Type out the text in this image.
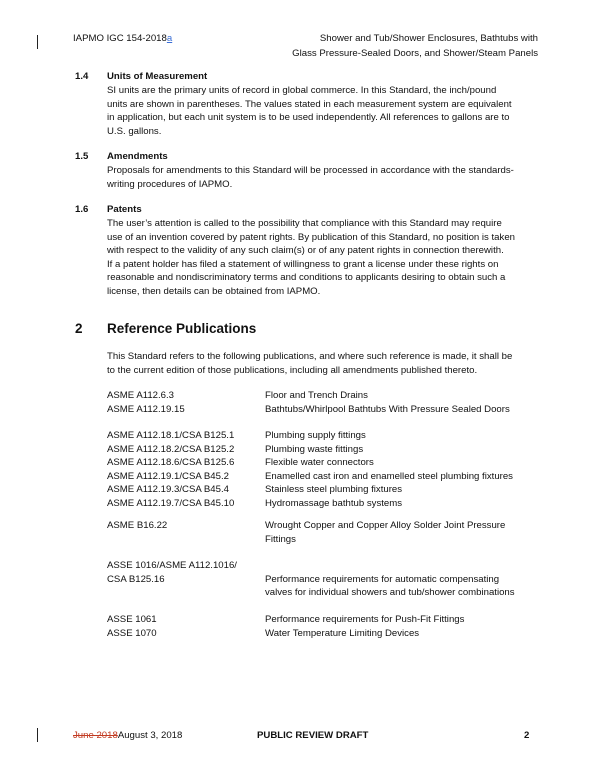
IAPMO IGC 154-2018a	Shower and Tub/Shower Enclosures, Bathtubs with
Glass Pressure-Sealed Doors, and Shower/Steam Panels
1.4 Units of Measurement
SI units are the primary units of record in global commerce. In this Standard, the inch/pound
units are shown in parentheses. The values stated in each measurement system are equivalent
in application, but each unit system is to be used independently. All references to gallons are to
U.S. gallons.
1.5 Amendments
Proposals for amendments to this Standard will be processed in accordance with the standards-
writing procedures of IAPMO.
1.6 Patents
The user’s attention is called to the possibility that compliance with this Standard may require
use of an invention covered by patent rights. By publication of this Standard, no position is taken
with respect to the validity of any such claim(s) or of any patent rights in connection therewith.
If a patent holder has filed a statement of willingness to grant a license under these rights on
reasonable and nondiscriminatory terms and conditions to applicants desiring to obtain such a
license, then details can be obtained from IAPMO.
2 Reference Publications
This Standard refers to the following publications, and where such reference is made, it shall be
to the current edition of those publications, including all amendments published thereto.
ASME A112.6.3	Floor and Trench Drains
ASME A112.19.15	Bathtubs/Whirlpool Bathtubs With Pressure Sealed Doors
ASME A112.18.1/CSA B125.1	Plumbing supply fittings
ASME A112.18.2/CSA B125.2	Plumbing waste fittings
ASME A112.18.6/CSA B125.6	Flexible water connectors
ASME A112.19.1/CSA B45.2	Enamelled cast iron and enamelled steel plumbing fixtures
ASME A112.19.3/CSA B45.4	Stainless steel plumbing fixtures
ASME A112.19.7/CSA B45.10	Hydromassage bathtub systems
ASME B16.22	Wrought Copper and Copper Alloy Solder Joint Pressure
Fittings
ASSE 1016/ASME A112.1016/
CSA B125.16	Performance requirements for automatic compensating
valves for individual showers and tub/shower combinations
ASSE 1061	Performance requirements for Push-Fit Fittings
ASSE 1070	Water Temperature Limiting Devices
June 2018August 3, 2018	PUBLIC REVIEW DRAFT	2
